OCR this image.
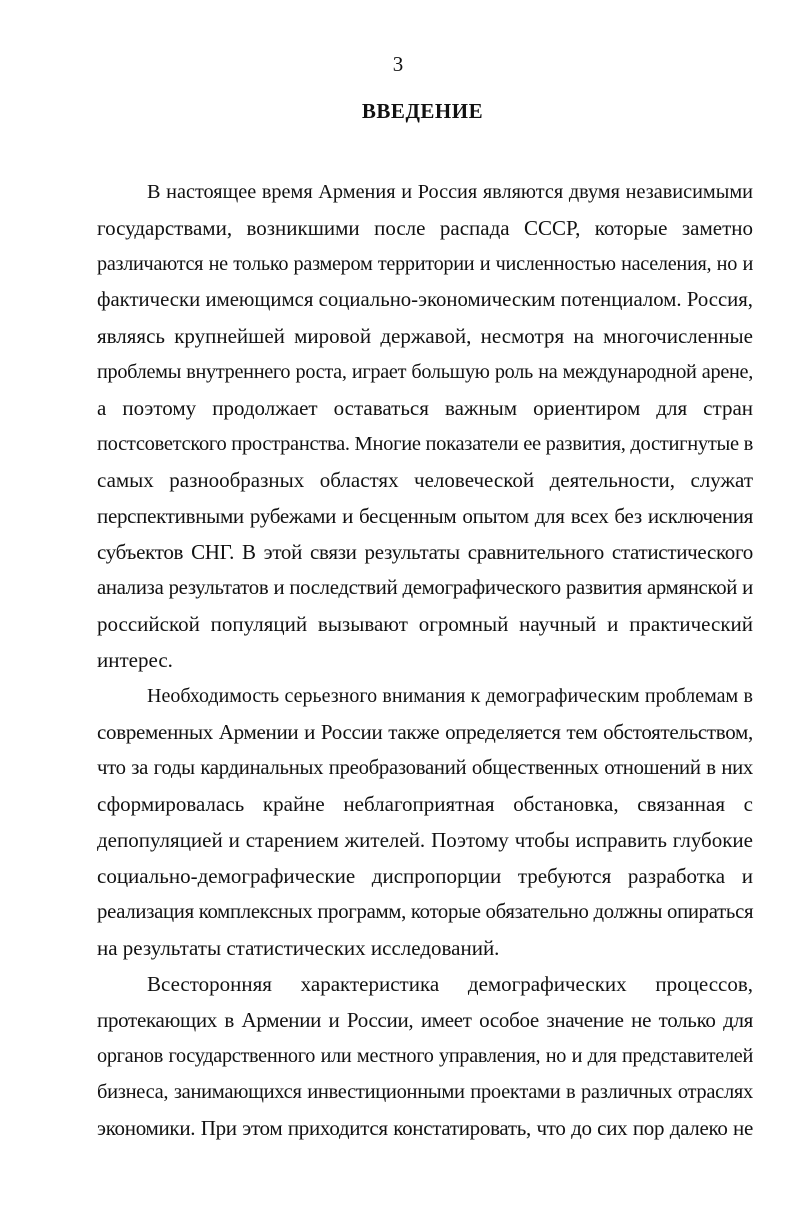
3
ВВЕДЕНИЕ
В настоящее время Армения и Россия являются двумя независимыми
государствами, возникшими после распада СССР, которые заметно
различаются не только размером территории и численностью населения, но и
фактически имеющимся социально-экономическим потенциалом. Россия,
являясь крупнейшей мировой державой, несмотря на многочисленные
проблемы внутреннего роста, играет большую роль на международной арене,
а поэтому продолжает оставаться важным ориентиром для стран
постсоветского пространства. Многие показатели ее развития, достигнутые в
самых разнообразных областях человеческой деятельности, служат
перспективными рубежами и бесценным опытом для всех без исключения
субъектов СНГ. В этой связи результаты сравнительного статистического
анализа результатов и последствий демографического развития армянской и
российской популяций вызывают огромный научный и практический
интерес.
Необходимость серьезного внимания к демографическим проблемам в
современных Армении и России также определяется тем обстоятельством,
что за годы кардинальных преобразований общественных отношений в них
сформировалась крайне неблагоприятная обстановка, связанная с
депопуляцией и старением жителей. Поэтому чтобы исправить глубокие
социально-демографические диспропорции требуются разработка и
реализация комплексных программ, которые обязательно должны опираться
на результаты статистических исследований.
Всесторонняя характеристика демографических процессов,
протекающих в Армении и России, имеет особое значение не только для
органов государственного или местного управления, но и для представителей
бизнеса, занимающихся инвестиционными проектами в различных отраслях
экономики. При этом приходится констатировать, что до сих пор далеко не
